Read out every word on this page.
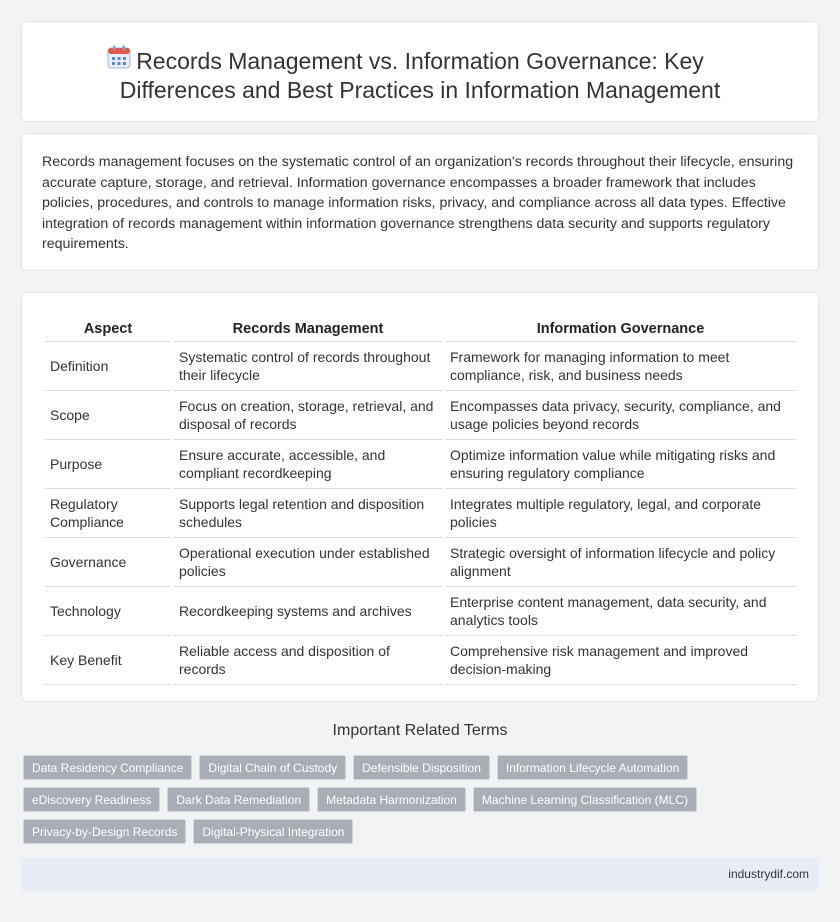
Records Management vs. Information Governance: Key Differences and Best Practices in Information Management

Records management focuses on the systematic control of an organization's records throughout their lifecycle, ensuring accurate capture, storage, and retrieval. Information governance encompasses a broader framework that includes policies, procedures, and controls to manage information risks, privacy, and compliance across all data types. Effective integration of records management within information governance strengthens data security and supports regulatory requirements.

Aspect	Records Management	Information Governance
Definition	Systematic control of records throughout their lifecycle	Framework for managing information to meet compliance, risk, and business needs
Scope	Focus on creation, storage, retrieval, and disposal of records	Encompasses data privacy, security, compliance, and usage policies beyond records
Purpose	Ensure accurate, accessible, and compliant recordkeeping	Optimize information value while mitigating risks and ensuring regulatory compliance
Regulatory Compliance	Supports legal retention and disposition schedules	Integrates multiple regulatory, legal, and corporate policies
Governance	Operational execution under established policies	Strategic oversight of information lifecycle and policy alignment
Technology	Recordkeeping systems and archives	Enterprise content management, data security, and analytics tools
Key Benefit	Reliable access and disposition of records	Comprehensive risk management and improved decision-making
Important Related Terms
Data Residency Compliance	Digital Chain of Custody	Defensible Disposition	Information Lifecycle Automation
eDiscovery Readiness	Dark Data Remediation	Metadata Harmonization	Machine Learning Classification (MLC)
Privacy-by-Design Records	Digital-Physical Integration
industrydif.com
